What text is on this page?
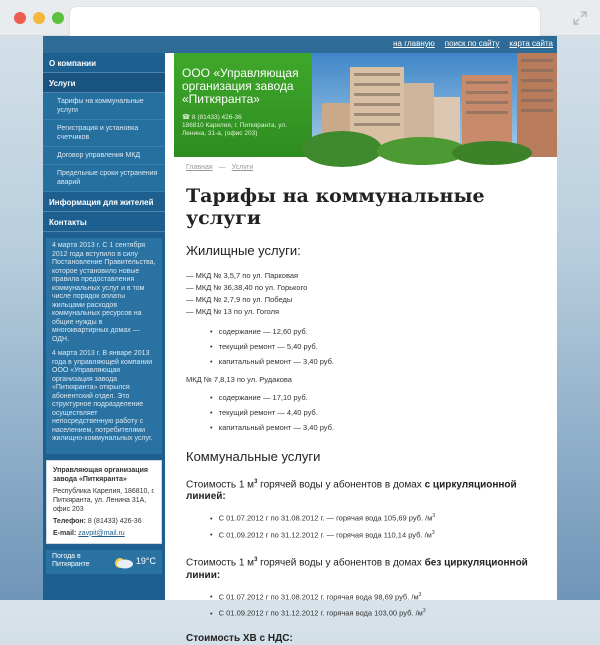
на главную поиск по сайту карта сайта
О компании
Услуги
Тарифы на коммунальные услуги
Регистрация и установка счетчиков
Договор управления МКД
Предельные сроки устранения аварий
Информация для жителей
Контакты

4 марта 2013 г. С 1 сентября 2012 года вступило в силу Постановление Правительства, которое установило новые правила предоставления коммунальных услуг и в том числе порядок оплаты жильцами расходов коммунальных ресурсов на общие нужды в многоквартирных домах — ОДН.

4 марта 2013 г. В январе 2013 года в управляющей компании ООО «Управляющая организация завода «Питкяранта» открылся абонентский отдел. Это структурное подразделение осуществляет непосредственную работу с населением, потребителями жилищно-коммунальных услуг.

Управляющая организация завода «Питкяранта»
Республика Карелия, 186810, г. Питкяранта, ул. Ленина 31А, офис 203
Телефон: 8 (81433) 426-36
E-mail: zavpit@mail.ru
Погода в Питкяранте	19°С
ООО «Управляющая организация завода «Питкяранта»
☎ 8 (81433) 426-36
186810 Карелия, г. Питкяранта, ул. Ленина, 31-а, (офис 203)
Главная — Услуги
Тарифы на коммунальные услуги
Жилищные услуги:
— МКД № 3,5,7 по ул. Парковая
— МКД № 36,38,40 по ул. Горького
— МКД № 2,7,9 по ул. Победы
— МКД № 13 по ул. Гоголя
• содержание — 12,60 руб.
• текущий ремонт — 5,40 руб.
• капитальный ремонт — 3,40 руб.
МКД № 7,8,13 по ул. Рудакова
• содержание — 17,10 руб.
• текущий ремонт — 4,40 руб.
• капитальный ремонт — 3,40 руб.
Коммунальные услуги
Стоимость 1 $м^3$ горячей воды у абонентов в домах с циркуляционной линией:
• С 01.07.2012 г по 31.08.2012 г. — горячая вода 105,69 руб. $/м^3$
• С 01.09.2012 г по 31.12.2012 г. — горячая вода 110,14 руб. $/м^3$
Стоимость 1 $м^3$ горячей воды у абонентов в домах без циркуляционной линии:
• С 01.07.2012 г по 31.08.2012 г. горячая вода 98,69 руб. $/м^3$
• С 01.09.2012 г по 31.12.2012 г. горячая вода 103,00 руб. $/м^3$
Стоимость ХВ с НДС:
